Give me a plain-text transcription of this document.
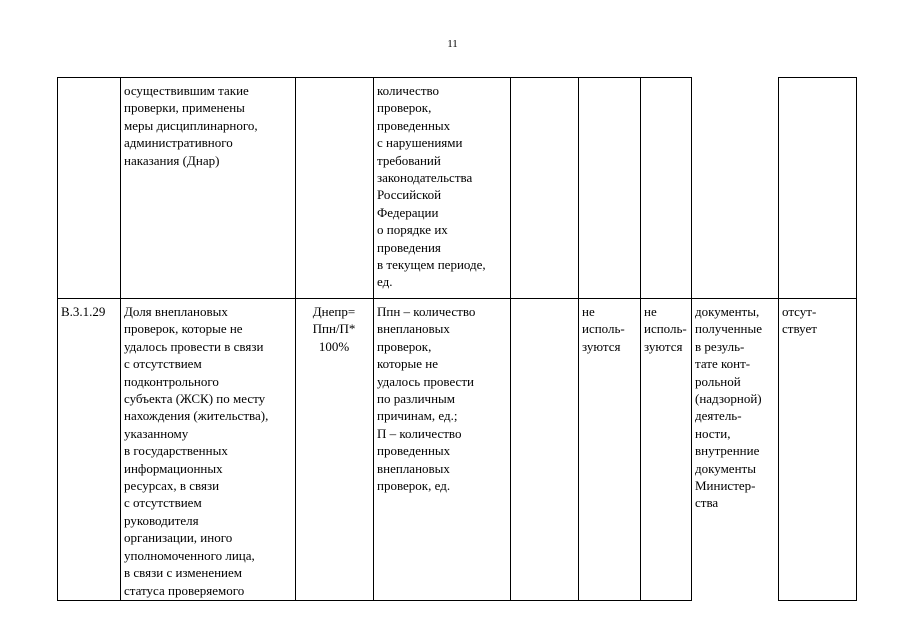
11
осуществившим такие
проверки, применены
меры дисциплинарного,
административного
наказания (Днар)
количество
проверок,
проведенных
с нарушениями
требований
законодательства
Российской
Федерации
о порядке их
проведения
в текущем периоде,
ед.
В.3.1.29	Доля внеплановых
проверок, которые не
удалось провести в связи
с отсутствием
подконтрольного
субъекта (ЖСК) по месту
нахождения (жительства),
указанному
в государственных
информационных
ресурсах, в связи
с отсутствием
руководителя
организации, иного
уполномоченного лица,
в связи с изменением
статуса проверяемого
Днепр=
Ппн/П*
100%
Ппн – количество
внеплановых
проверок,
которые не
удалось провести
по различным
причинам, ед.;
П – количество
проведенных
внеплановых
проверок, ед.
не
исполь-
зуются
не
исполь-
зуются
документы,
полученные
в резуль-
тате конт-
рольной
(надзорной)
деятель-
ности,
внутренние
документы
Министер-
ства
отсут-
ствует
